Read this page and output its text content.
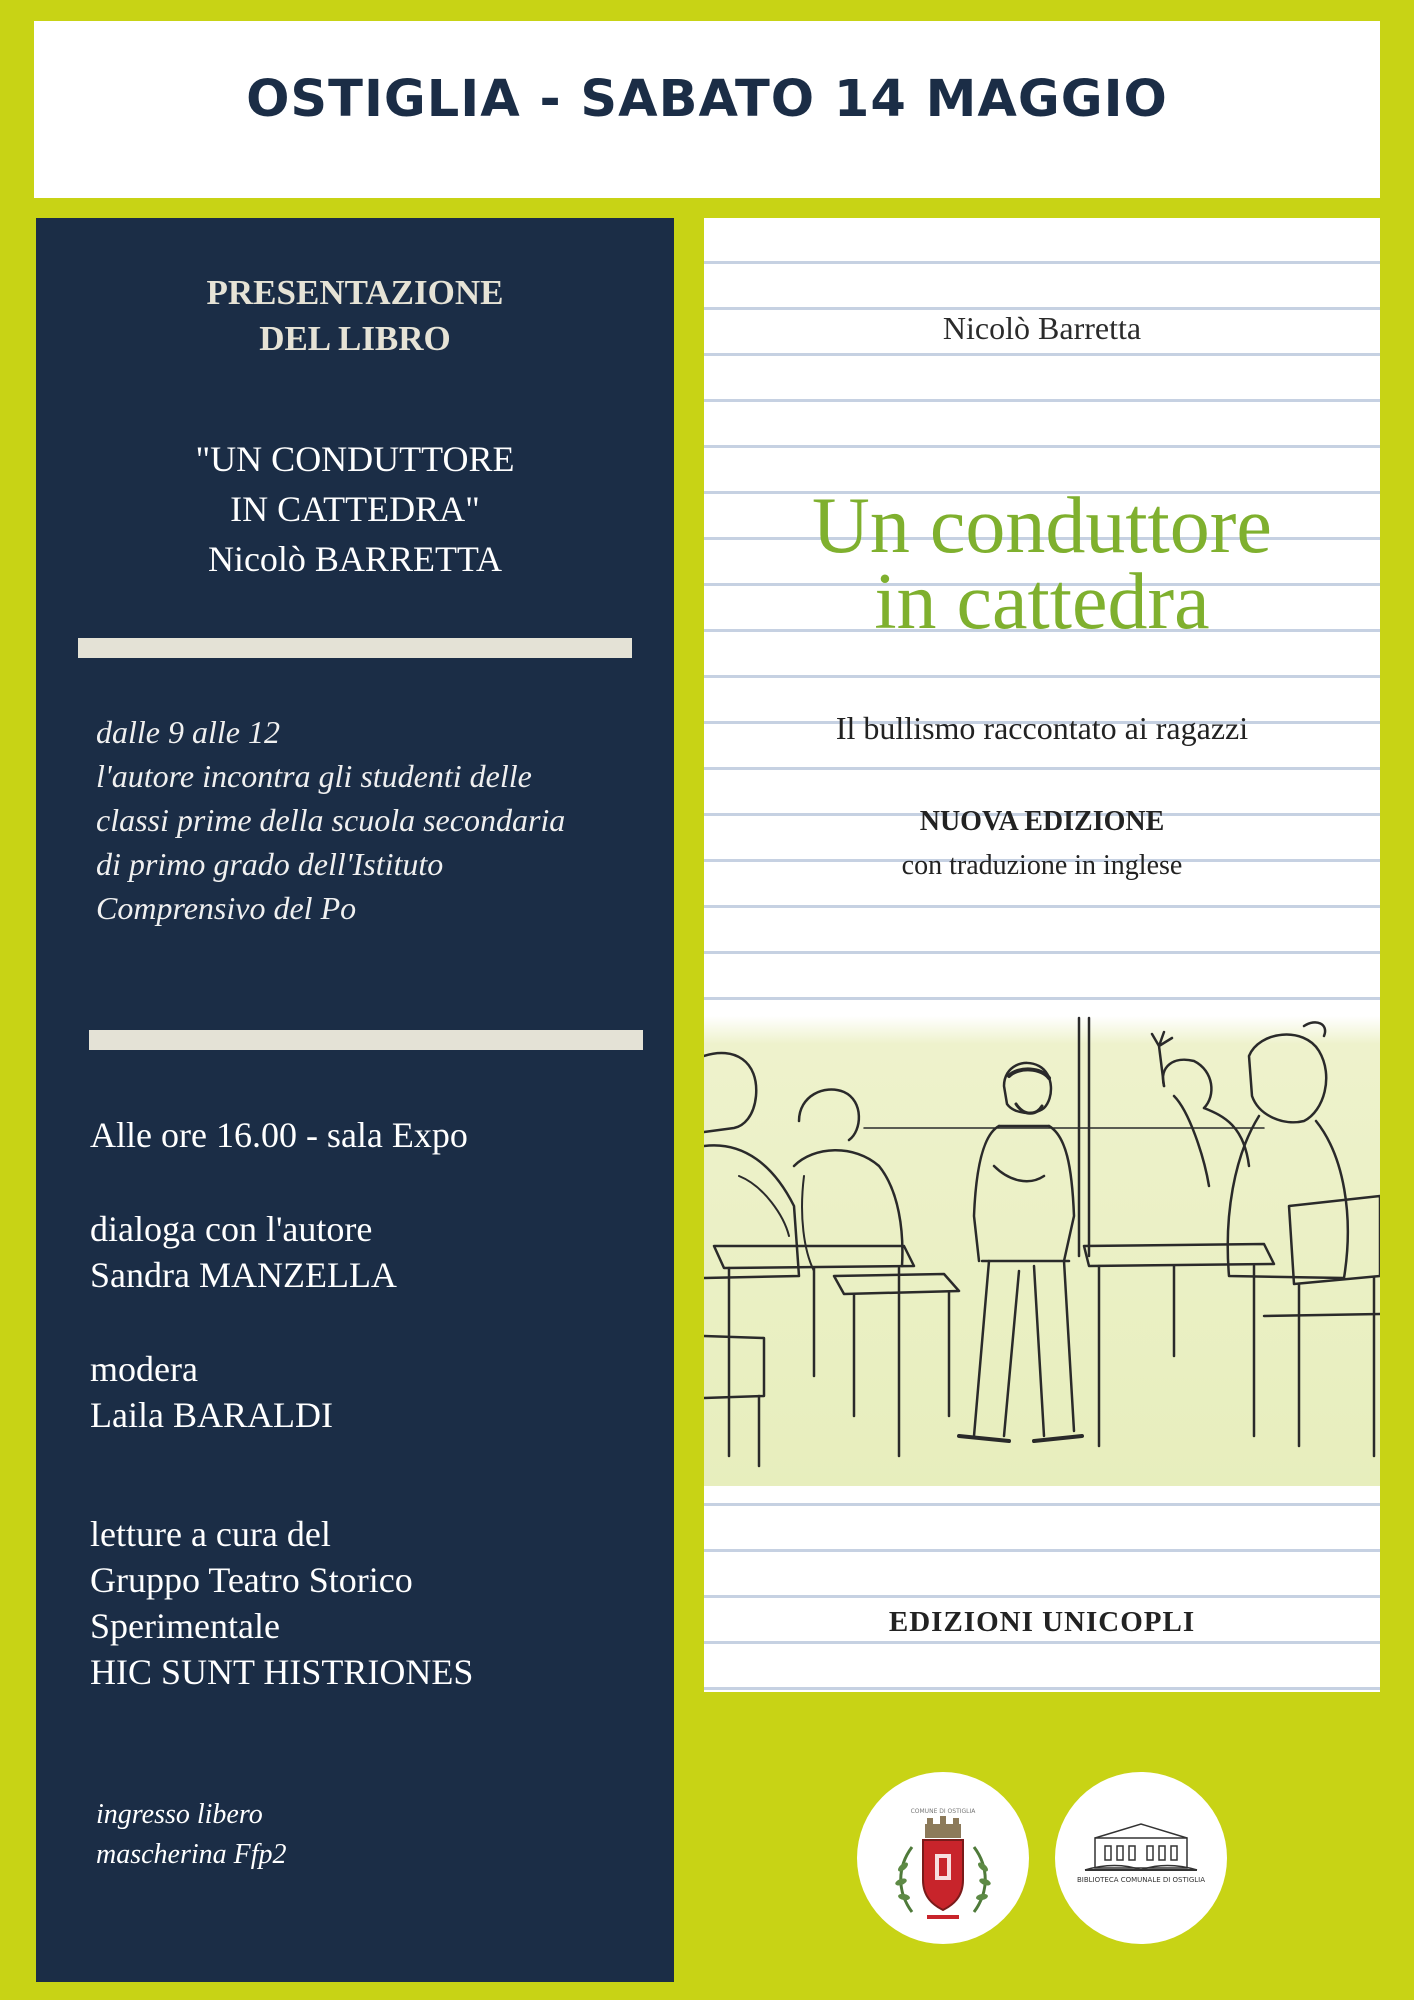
OSTIGLIA - SABATO 14 MAGGIO
PRESENTAZIONE
DEL LIBRO
"UN CONDUTTORE
IN CATTEDRA"
Nicolò BARRETTA
dalle 9 alle 12
l'autore incontra gli studenti delle
classi prime della scuola secondaria
di primo grado dell'Istituto
Comprensivo del Po
Alle ore 16.00 - sala Expo
dialoga con l'autore
Sandra MANZELLA
modera
Laila BARALDI
letture a cura del
Gruppo Teatro Storico
Sperimentale
HIC SUNT HISTRIONES
ingresso libero
mascherina Ffp2
Nicolò Barretta
Un conduttore
in cattedra
Il bullismo raccontato ai ragazzi
NUOVA EDIZIONE
con traduzione in inglese
EDIZIONI UNICOPLI
COMUNE DI OSTIGLIA
BIBLIOTECA COMUNALE DI OSTIGLIA
